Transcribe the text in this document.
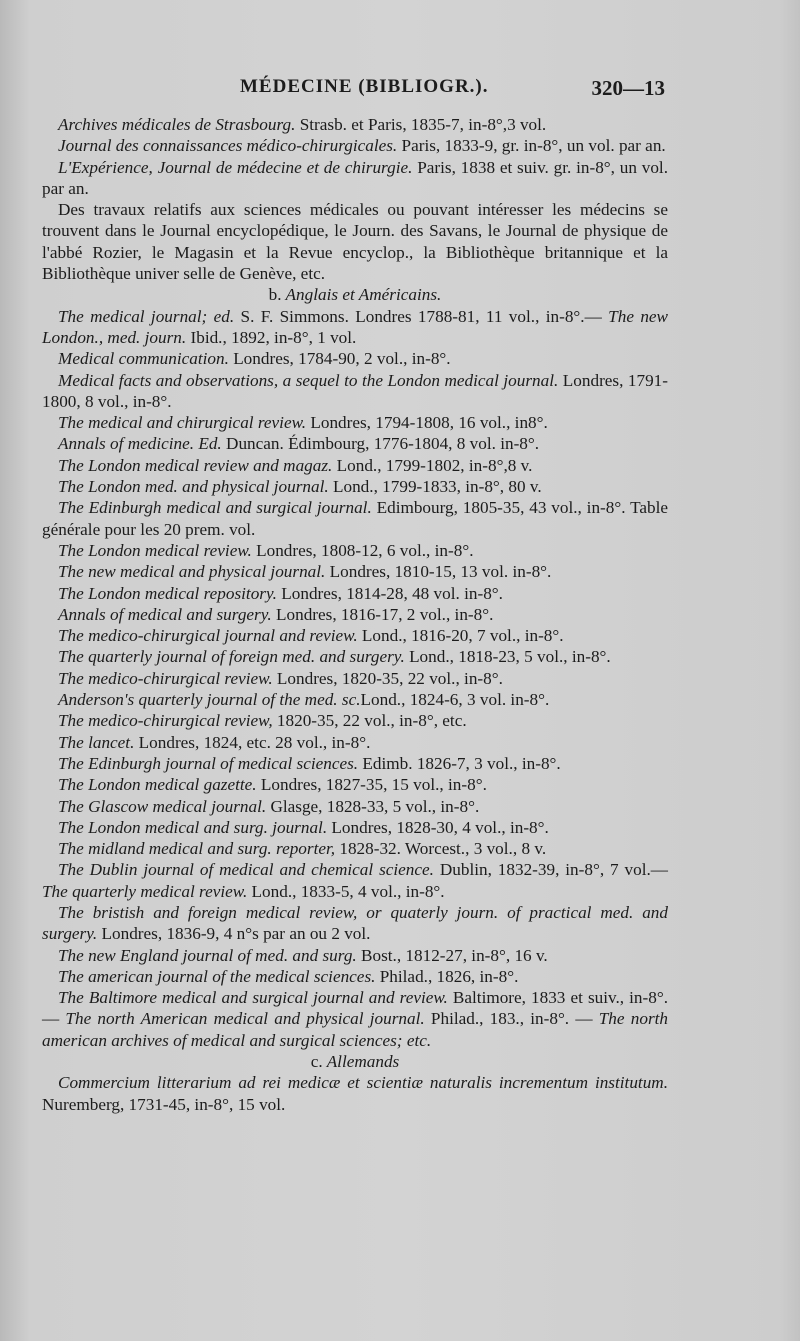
MÉDECINE (BIBLIOGR.).	320—13

Archives médicales de Strasbourg. Strasb. et Paris, 1835-7, in-8°,3 vol.

Journal des connaissances médico-chirurgicales. Paris, 1833-9, gr. in-8°, un vol. par an.

L'Expérience, Journal de médecine et de chirurgie. Paris, 1838 et suiv. gr. in-8°, un vol. par an.

Des travaux relatifs aux sciences médicales ou pouvant intéresser les médecins se trouvent dans le Journal encyclopédique, le Journ. des Savans, le Journal de physique de l'abbé Rozier, le Magasin et la Revue encyclop., la Bibliothèque britannique et la Bibliothèque univer selle de Genève, etc.

b. Anglais et Américains.

The medical journal; ed. S. F. Simmons. Londres 1788-81, 11 vol., in-8°.— The new London., med. journ. Ibid., 1892, in-8°, 1 vol.

Medical communication. Londres, 1784-90, 2 vol., in-8°.

Medical facts and observations, a sequel to the London medical journal. Londres, 1791-1800, 8 vol., in-8°.

The medical and chirurgical review. Londres, 1794-1808, 16 vol., in8°.

Annals of medicine. Ed. Duncan. Édimbourg, 1776-1804, 8 vol. in-8°.

The London medical review and magaz. Lond., 1799-1802, in-8°,8 v.

The London med. and physical journal. Lond., 1799-1833, in-8°, 80 v.

The Edinburgh medical and surgical journal. Edimbourg, 1805-35, 43 vol., in-8°. Table générale pour les 20 prem. vol.

The London medical review. Londres, 1808-12, 6 vol., in-8°.

The new medical and physical journal. Londres, 1810-15, 13 vol. in-8°.

The London medical repository. Londres, 1814-28, 48 vol. in-8°.

Annals of medical and surgery. Londres, 1816-17, 2 vol., in-8°.

The medico-chirurgical journal and review. Lond., 1816-20, 7 vol., in-8°.

The quarterly journal of foreign med. and surgery. Lond., 1818-23, 5 vol., in-8°.

The medico-chirurgical review. Londres, 1820-35, 22 vol., in-8°.

Anderson's quarterly journal of the med. sc.Lond., 1824-6, 3 vol. in-8°.

The medico-chirurgical review, 1820-35, 22 vol., in-8°, etc.

The lancet. Londres, 1824, etc. 28 vol., in-8°.

The Edinburgh journal of medical sciences. Edimb. 1826-7, 3 vol., in-8°.

The London medical gazette. Londres, 1827-35, 15 vol., in-8°.

The Glascow medical journal. Glasge, 1828-33, 5 vol., in-8°.

The London medical and surg. journal. Londres, 1828-30, 4 vol., in-8°.

The midland medical and surg. reporter, 1828-32. Worcest., 3 vol., 8 v.

The Dublin journal of medical and chemical science. Dublin, 1832-39, in-8°, 7 vol.— The quarterly medical review. Lond., 1833-5, 4 vol., in-8°.

The bristish and foreign medical review, or quaterly journ. of practical med. and surgery. Londres, 1836-9, 4 n°s par an ou 2 vol.

The new England journal of med. and surg. Bost., 1812-27, in-8°, 16 v.

The american journal of the medical sciences. Philad., 1826, in-8°.

The Baltimore medical and surgical journal and review. Baltimore, 1833 et suiv., in-8°.— The north American medical and physical journal. Philad., 183., in-8°. — The north american archives of medical and surgical sciences; etc.

c. Allemands

Commercium litterarium ad rei medicæ et scientiæ naturalis incrementum institutum. Nuremberg, 1731-45, in-8°, 15 vol.
